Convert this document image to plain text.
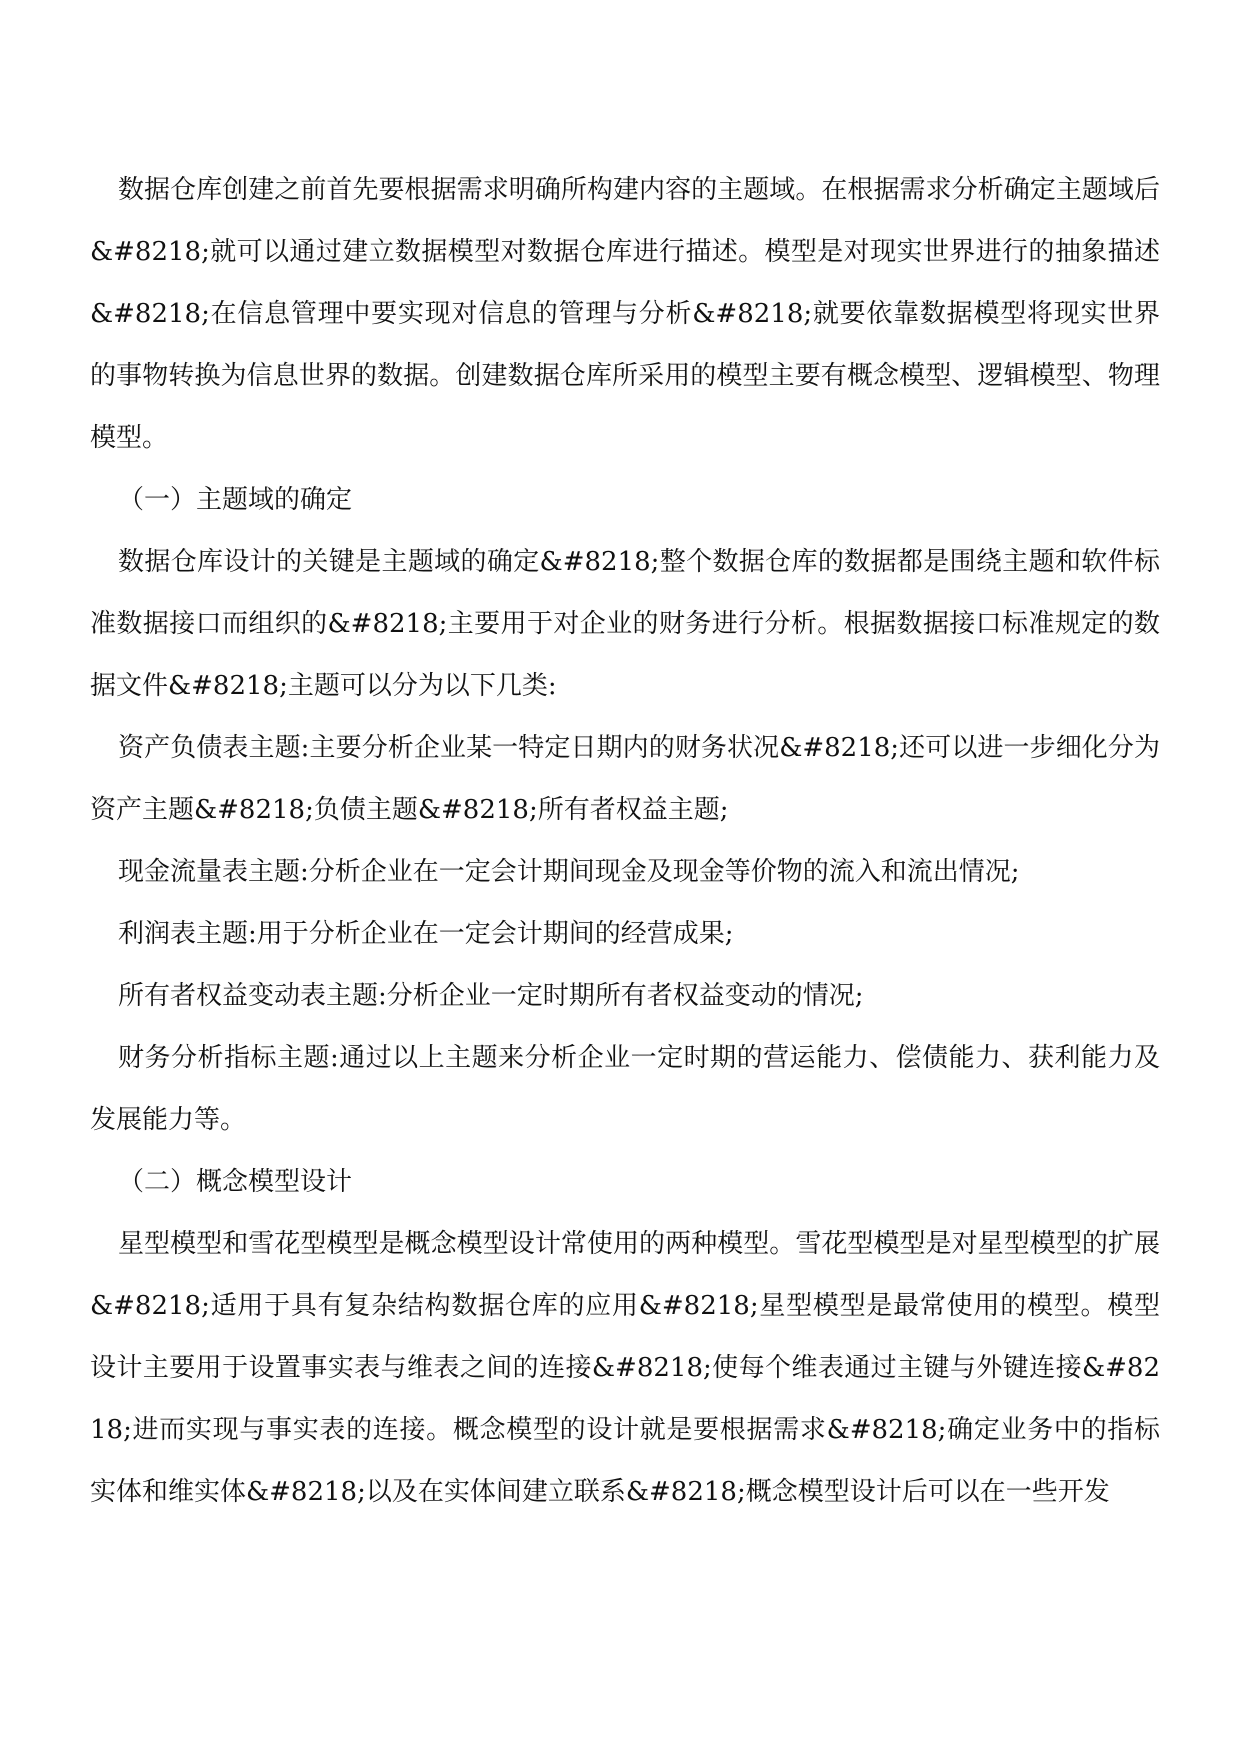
数据仓库创建之前首先要根据需求明确所构建内容的主题域。在根据需求分析确定主题域后&#8218;就可以通过建立数据模型对数据仓库进行描述。模型是对现实世界进行的抽象描述&#8218;在信息管理中要实现对信息的管理与分析&#8218;就要依靠数据模型将现实世界的事物转换为信息世界的数据。创建数据仓库所采用的模型主要有概念模型、逻辑模型、物理模型。

（一）主题域的确定

数据仓库设计的关键是主题域的确定&#8218;整个数据仓库的数据都是围绕主题和软件标准数据接口而组织的&#8218;主要用于对企业的财务进行分析。根据数据接口标准规定的数据文件&#8218;主题可以分为以下几类:

资产负债表主题:主要分析企业某一特定日期内的财务状况&#8218;还可以进一步细化分为资产主题&#8218;负债主题&#8218;所有者权益主题;

现金流量表主题:分析企业在一定会计期间现金及现金等价物的流入和流出情况;

利润表主题:用于分析企业在一定会计期间的经营成果;

所有者权益变动表主题:分析企业一定时期所有者权益变动的情况;

财务分析指标主题:通过以上主题来分析企业一定时期的营运能力、偿债能力、获利能力及发展能力等。

（二）概念模型设计

星型模型和雪花型模型是概念模型设计常使用的两种模型。雪花型模型是对星型模型的扩展&#8218;适用于具有复杂结构数据仓库的应用&#8218;星型模型是最常使用的模型。模型设计主要用于设置事实表与维表之间的连接&#8218;使每个维表通过主键与外键连接&#8218;进而实现与事实表的连接。概念模型的设计就是要根据需求&#8218;确定业务中的指标实体和维实体&#8218;以及在实体间建立联系&#8218;概念模型设计后可以在一些开发
